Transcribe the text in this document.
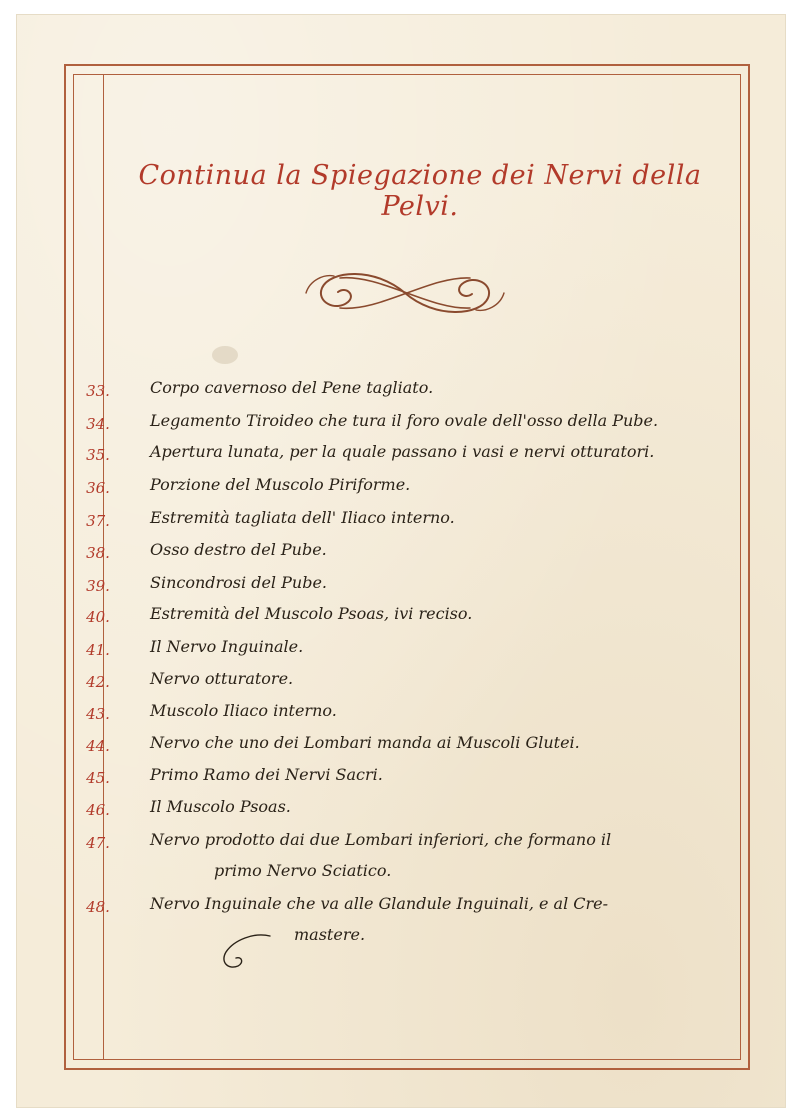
Continua la Spiegazione dei Nervi della Pelvi.
33.	Corpo cavernoso del Pene tagliato.
34.	Legamento Tiroideo che tura il foro ovale dell'osso della Pube.
35.	Apertura lunata, per la quale passano i vasi e nervi otturatori.
36.	Porzione del Muscolo Piriforme.
37.	Estremità tagliata dell' Iliaco interno.
38.	Osso destro del Pube.
39.	Sincondrosi del Pube.
40.	Estremità del Muscolo Psoas, ivi reciso.
41.	Il Nervo Inguinale.
42.	Nervo otturatore.
43.	Muscolo Iliaco interno.
44.	Nervo che uno dei Lombari manda ai Muscoli Glutei.
45.	Primo Ramo dei Nervi Sacri.
46.	Il Muscolo Psoas.
47.	Nervo prodotto dai due Lombari inferiori, che formano il
primo Nervo Sciatico.
48.	Nervo Inguinale che va alle Glandule Inguinali, e al Cre-
mastere.
